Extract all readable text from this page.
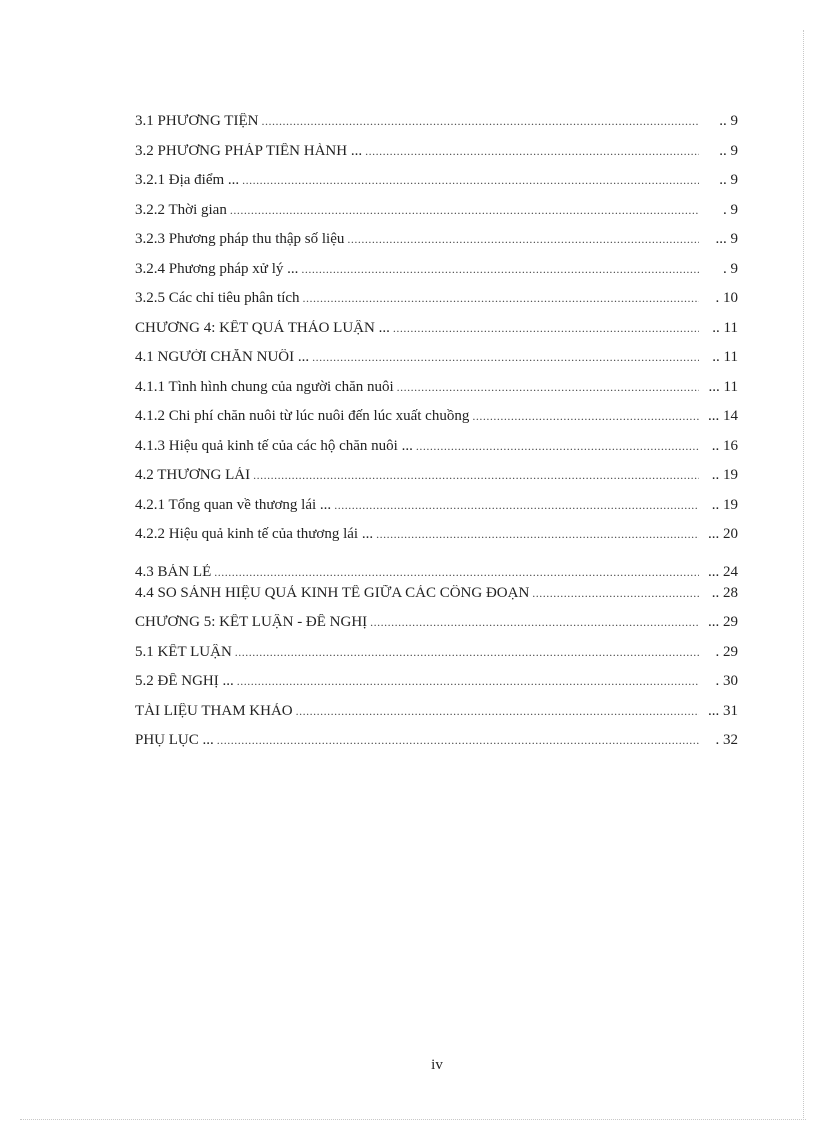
3.1 PHƯƠNG TIỆN .....	.. 9
3.2 PHƯƠNG PHÁP TIẾN HÀNH ... .....	.. 9
3.2.1 Địa điểm ... .....	.. 9
3.2.2 Thời gian .....	. 9
3.2.3 Phương pháp thu thập số liệu .....	... 9
3.2.4 Phương pháp xử lý ... .....	. 9
3.2.5 Các chỉ tiêu phân tích .....	. 10
CHƯƠNG 4: KẾT QUẢ THẢO LUẬN ... .....	.. 11
4.1 NGƯỜI CHĂN NUÔI ... .....	.. 11
4.1.1 Tình hình chung của người chăn nuôi .....	... 11
4.1.2 Chi phí chăn nuôi từ lúc nuôi đến lúc xuất chuồng .....	... 14
4.1.3 Hiệu quả kinh tế của các hộ chăn nuôi ... .....	.. 16
4.2 THƯƠNG LÁI .....	.. 19
4.2.1 Tổng quan về thương lái ... .....	.. 19
4.2.2 Hiệu quả kinh tế của thương lái ... .....	... 20
4.3 BÁN LẺ .....	... 24
4.4 SO SÁNH HIỆU QUẢ KINH TẾ GIỮA CÁC CÔNG ĐOẠN .....	.. 28
CHƯƠNG 5: KẾT LUẬN - ĐỀ NGHỊ .....	... 29
5.1 KẾT LUẬN .....	. 29
5.2 ĐỀ NGHỊ ... .....	. 30
TÀI LIỆU THAM KHẢO .....	... 31
PHỤ LỤC ... .....	. 32
iv
